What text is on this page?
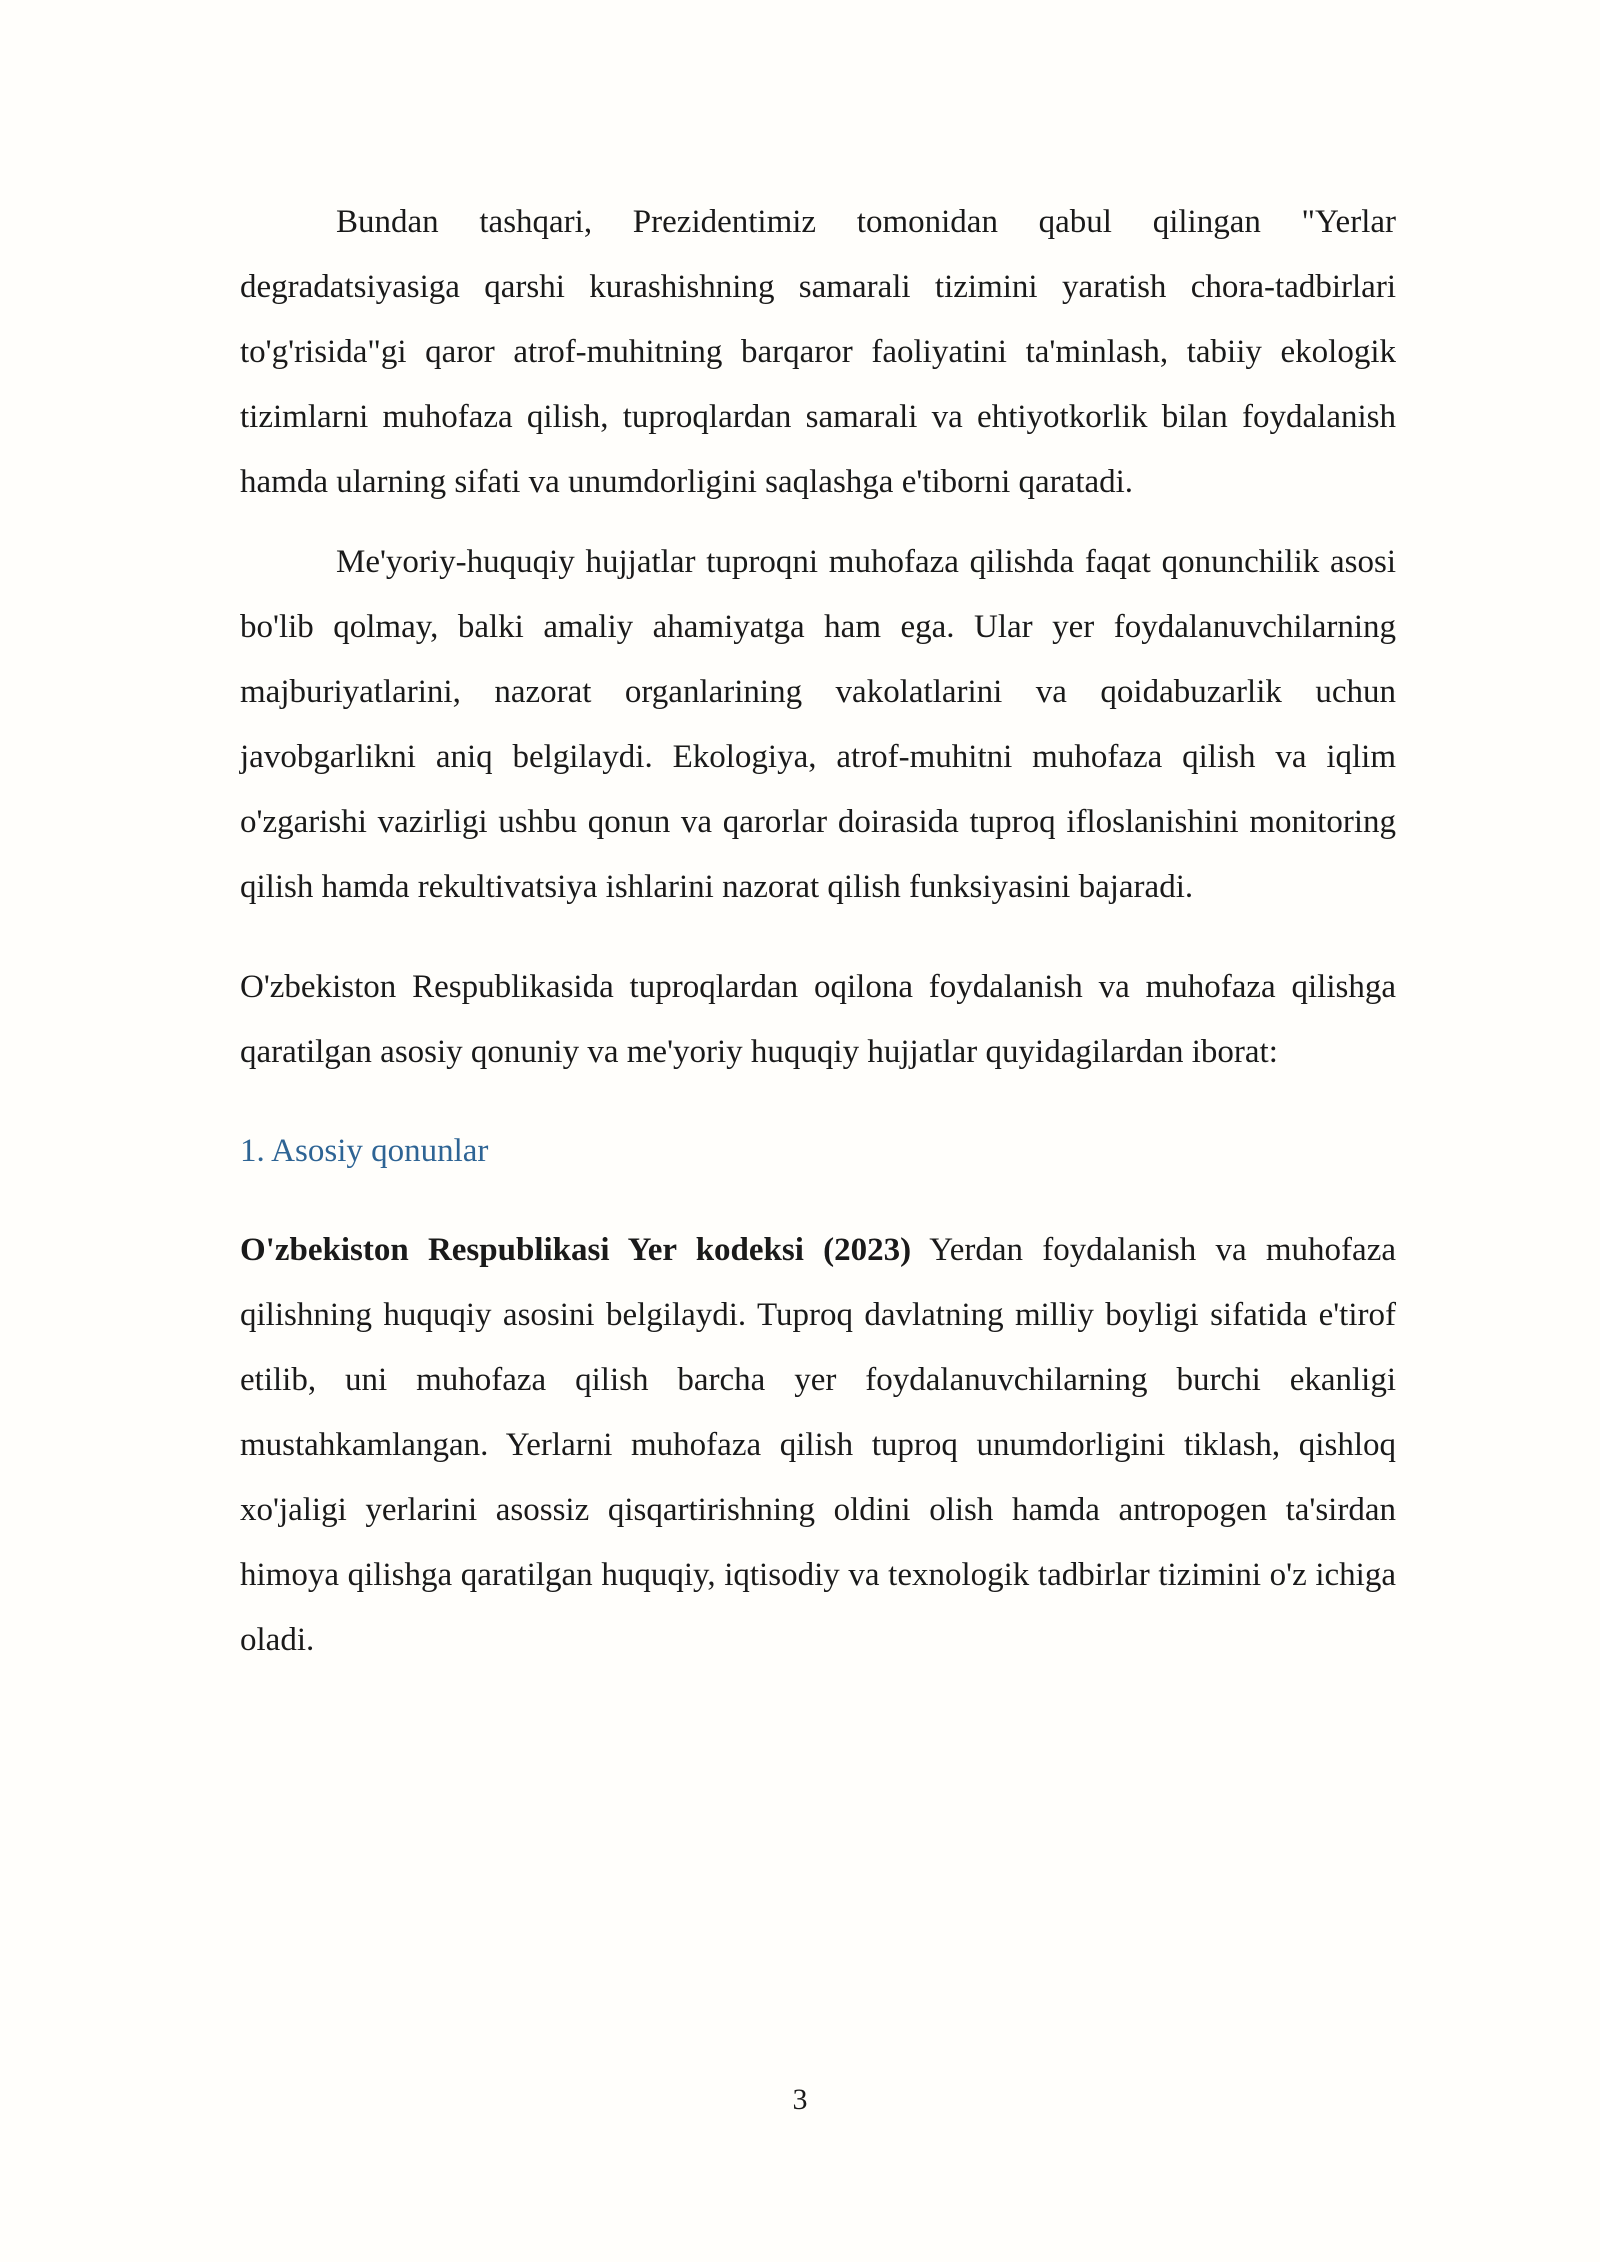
Bundan tashqari, Prezidentimiz tomonidan qabul qilingan "Yerlar degradatsiyasiga qarshi kurashishning samarali tizimini yaratish chora-tadbirlari to'g'risida"gi qaror atrof-muhitning barqaror faoliyatini ta'minlash, tabiiy ekologik tizimlarni muhofaza qilish, tuproqlardan samarali va ehtiyotkorlik bilan foydalanish hamda ularning sifati va unumdorligini saqlashga e'tiborni qaratadi.

Me'yoriy-huquqiy hujjatlar tuproqni muhofaza qilishda faqat qonunchilik asosi bo'lib qolmay, balki amaliy ahamiyatga ham ega. Ular yer foydalanuvchilarning majburiyatlarini, nazorat organlarining vakolatlarini va qoidabuzarlik uchun javobgarlikni aniq belgilaydi. Ekologiya, atrof-muhitni muhofaza qilish va iqlim o'zgarishi vazirligi ushbu qonun va qarorlar doirasida tuproq ifloslanishini monitoring qilish hamda rekultivatsiya ishlarini nazorat qilish funksiyasini bajaradi.

O'zbekiston Respublikasida tuproqlardan oqilona foydalanish va muhofaza qilishga qaratilgan asosiy qonuniy va me'yoriy huquqiy hujjatlar quyidagilardan iborat:

1. Asosiy qonunlar

O'zbekiston Respublikasi Yer kodeksi (2023) Yerdan foydalanish va muhofaza qilishning huquqiy asosini belgilaydi. Tuproq davlatning milliy boyligi sifatida e'tirof etilib, uni muhofaza qilish barcha yer foydalanuvchilarning burchi ekanligi mustahkamlangan. Yerlarni muhofaza qilish tuproq unumdorligini tiklash, qishloq xo'jaligi yerlarini asossiz qisqartirishning oldini olish hamda antropogen ta'sirdan himoya qilishga qaratilgan huquqiy, iqtisodiy va texnologik tadbirlar tizimini o'z ichiga oladi.

3
